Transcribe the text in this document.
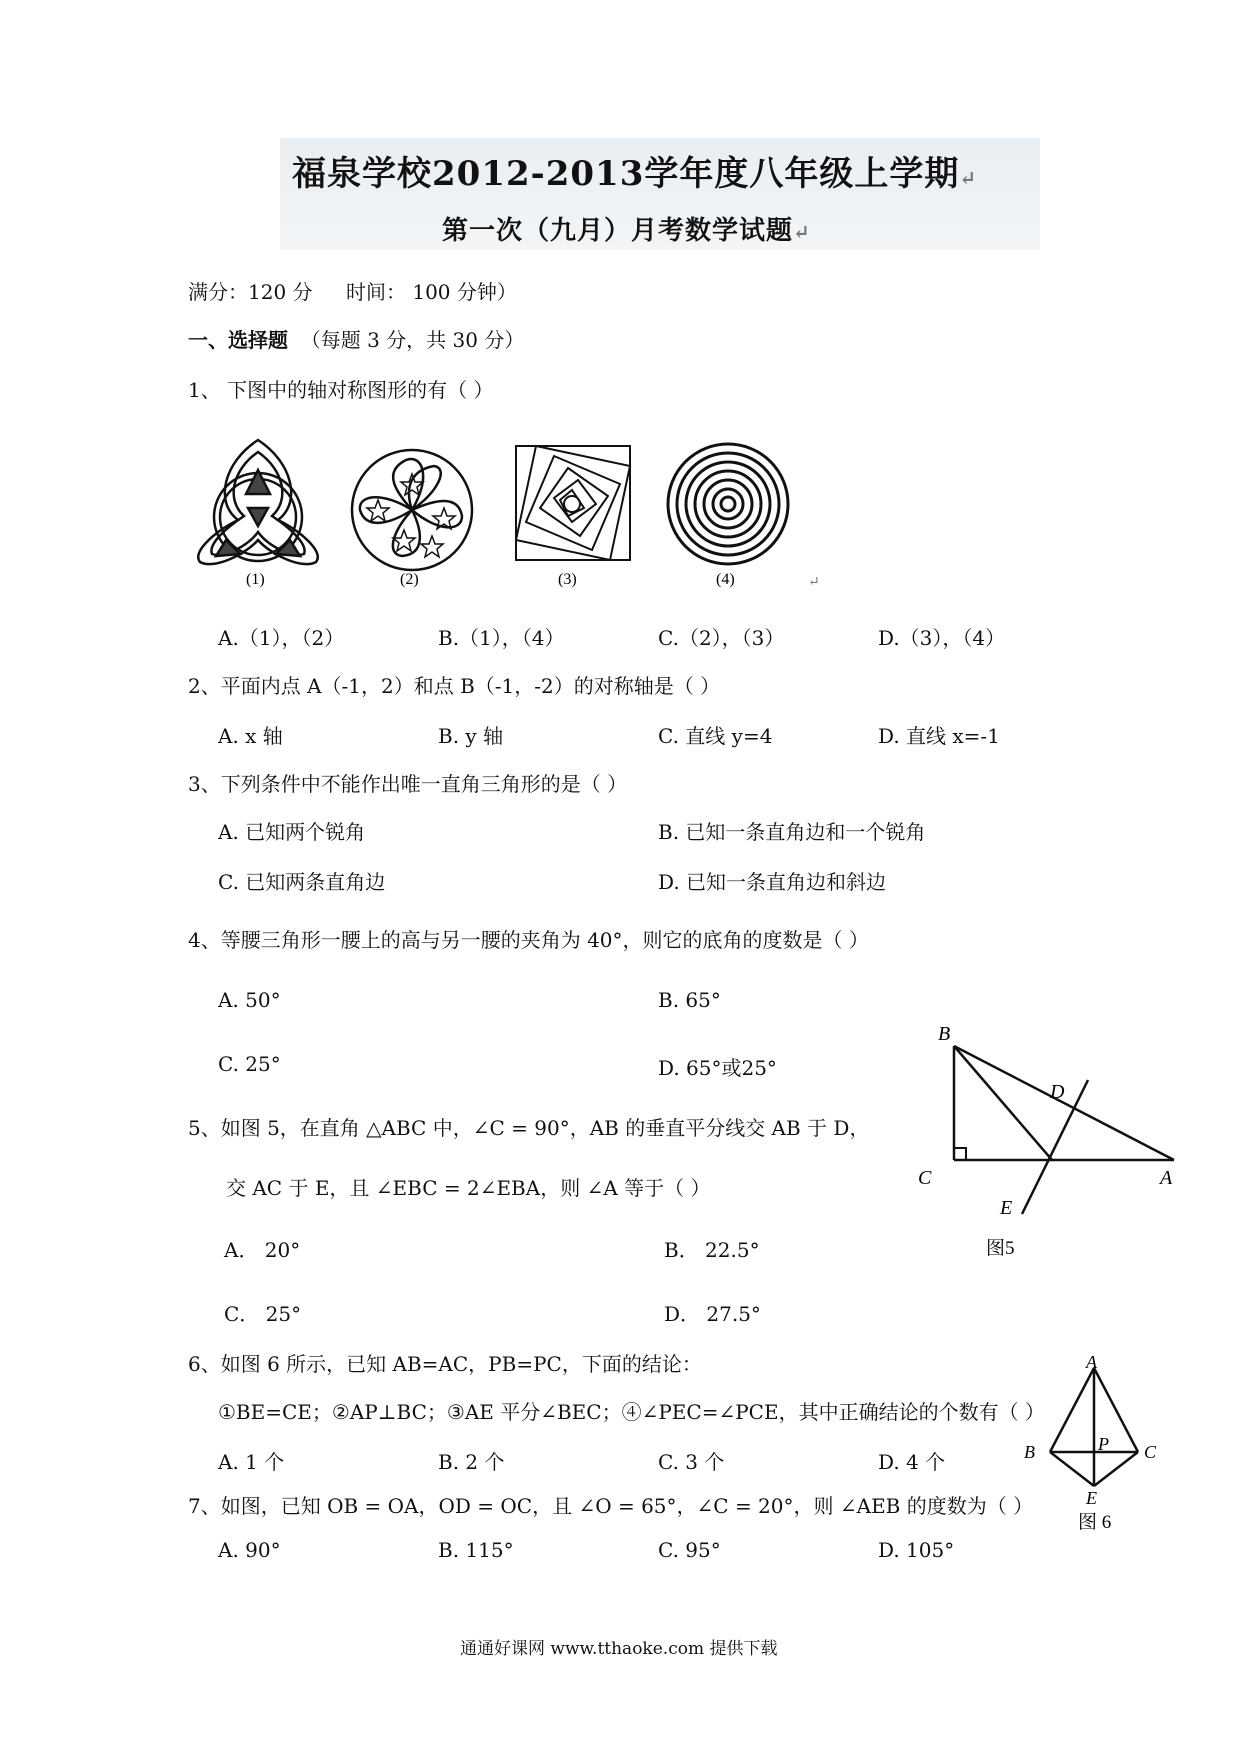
福泉学校2012-2013学年度八年级上学期↵
第一次（九月）月考数学试题↵
满分：120 分 时间： 100 分钟）
一、选择题 （每题 3 分，共 30 分）
1、 下图中的轴对称图形的有（ ）
(1)	(2)	(3)	(4)	↵
A.（1），（2）	B.（1），（4）	C.（2），（3）	D.（3），（4）
2、平面内点 A（-1，2）和点 B（-1，-2）的对称轴是（ ）
A. x 轴	B. y 轴	C. 直线 y=4	D. 直线 x=-1
3、下列条件中不能作出唯一直角三角形的是（ ）
A. 已知两个锐角	B. 已知一条直角边和一个锐角
C. 已知两条直角边	D. 已知一条直角边和斜边
4、等腰三角形一腰上的高与另一腰的夹角为 40°，则它的底角的度数是（ ）
A. 50°	B. 65°
C. 25°	D. 65°或25°
B
D
C
E
A
图5
5、如图 5，在直角 △ABC 中，∠C = 90°，AB 的垂直平分线交 AB 于 D，
交 AC 于 E，且 ∠EBC = 2∠EBA，则 ∠A 等于（ ）
A． 20°	B． 22.5°
C． 25°	D． 27.5°
A
B	P C
E
图 6
6、如图 6 所示，已知 AB=AC，PB=PC，下面的结论：
①BE=CE；②AP⊥BC；③AE 平分∠BEC；④∠PEC=∠PCE，其中正确结论的个数有（ ）
A. 1 个	B. 2 个	C. 3 个	D. 4 个
7、如图，已知 OB = OA，OD = OC，且 ∠O = 65°，∠C = 20°，则 ∠AEB 的度数为（ ）
A. 90°	B. 115°	C. 95°	D. 105°
通通好课网 www.tthaoke.com 提供下载
